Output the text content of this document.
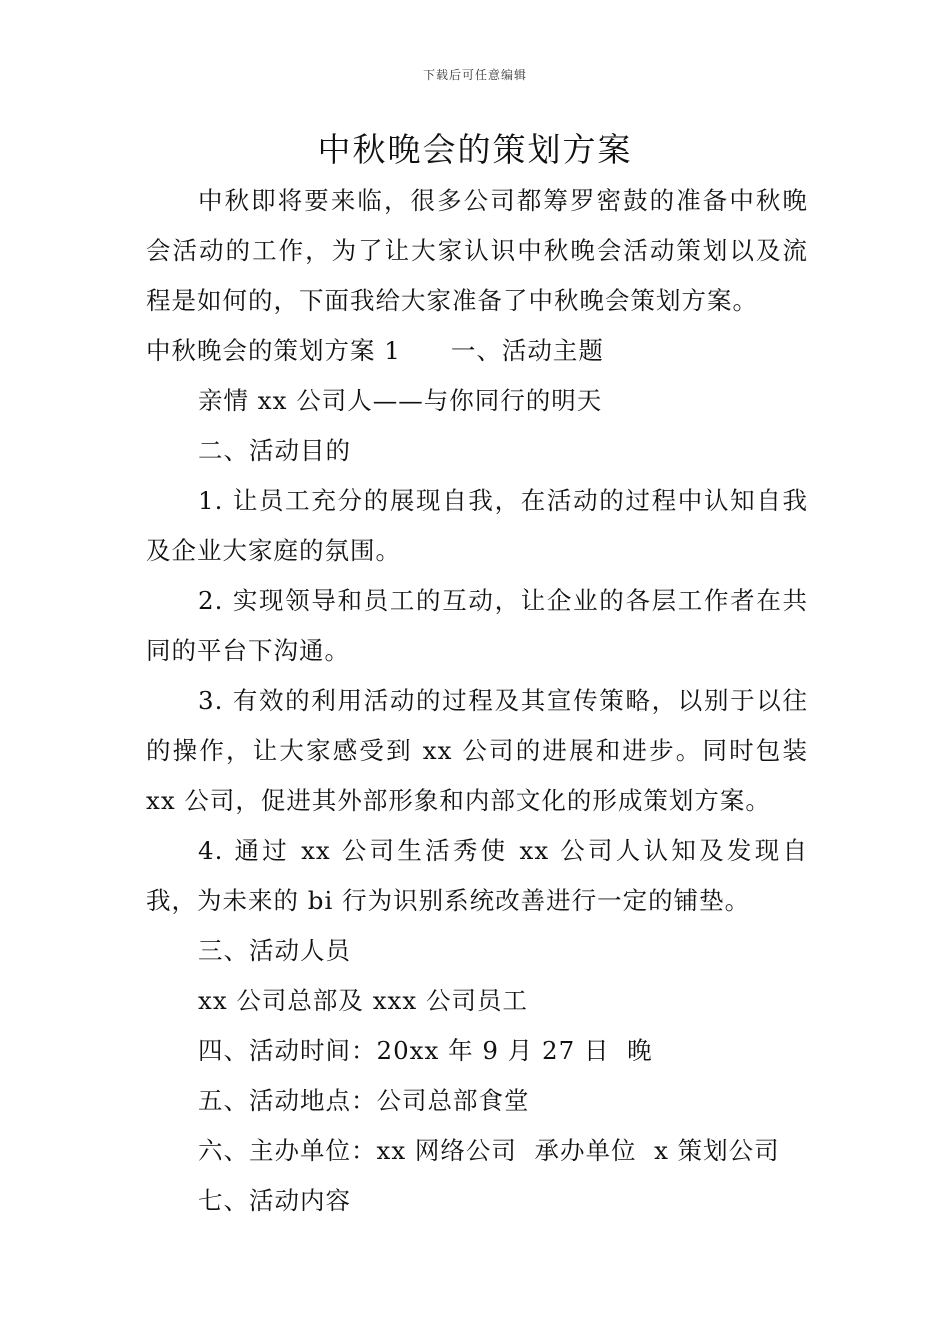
下载后可任意编辑
中秋晚会的策划方案

中秋即将要来临，很多公司都筹罗密鼓的准备中秋晚会活动的工作，为了让大家认识中秋晚会活动策划以及流程是如何的，下面我给大家准备了中秋晚会策划方案。

中秋晚会的策划方案 1 一、活动主题

亲情 xx 公司人——与你同行的明天

二、活动目的

1. 让员工充分的展现自我，在活动的过程中认知自我及企业大家庭的氛围。

2. 实现领导和员工的互动，让企业的各层工作者在共同的平台下沟通。

3. 有效的利用活动的过程及其宣传策略，以别于以往的操作，让大家感受到 xx 公司的进展和进步。同时包装 xx 公司，促进其外部形象和内部文化的形成策划方案。

4. 通过 xx 公司生活秀使 xx 公司人认知及发现自我，为未来的 bi 行为识别系统改善进行一定的铺垫。

三、活动人员

xx 公司总部及 xxx 公司员工

四、活动时间：20xx 年 9 月 27 日  晚

五、活动地点：公司总部食堂

六、主办单位：xx 网络公司  承办单位  x 策划公司

七、活动内容
